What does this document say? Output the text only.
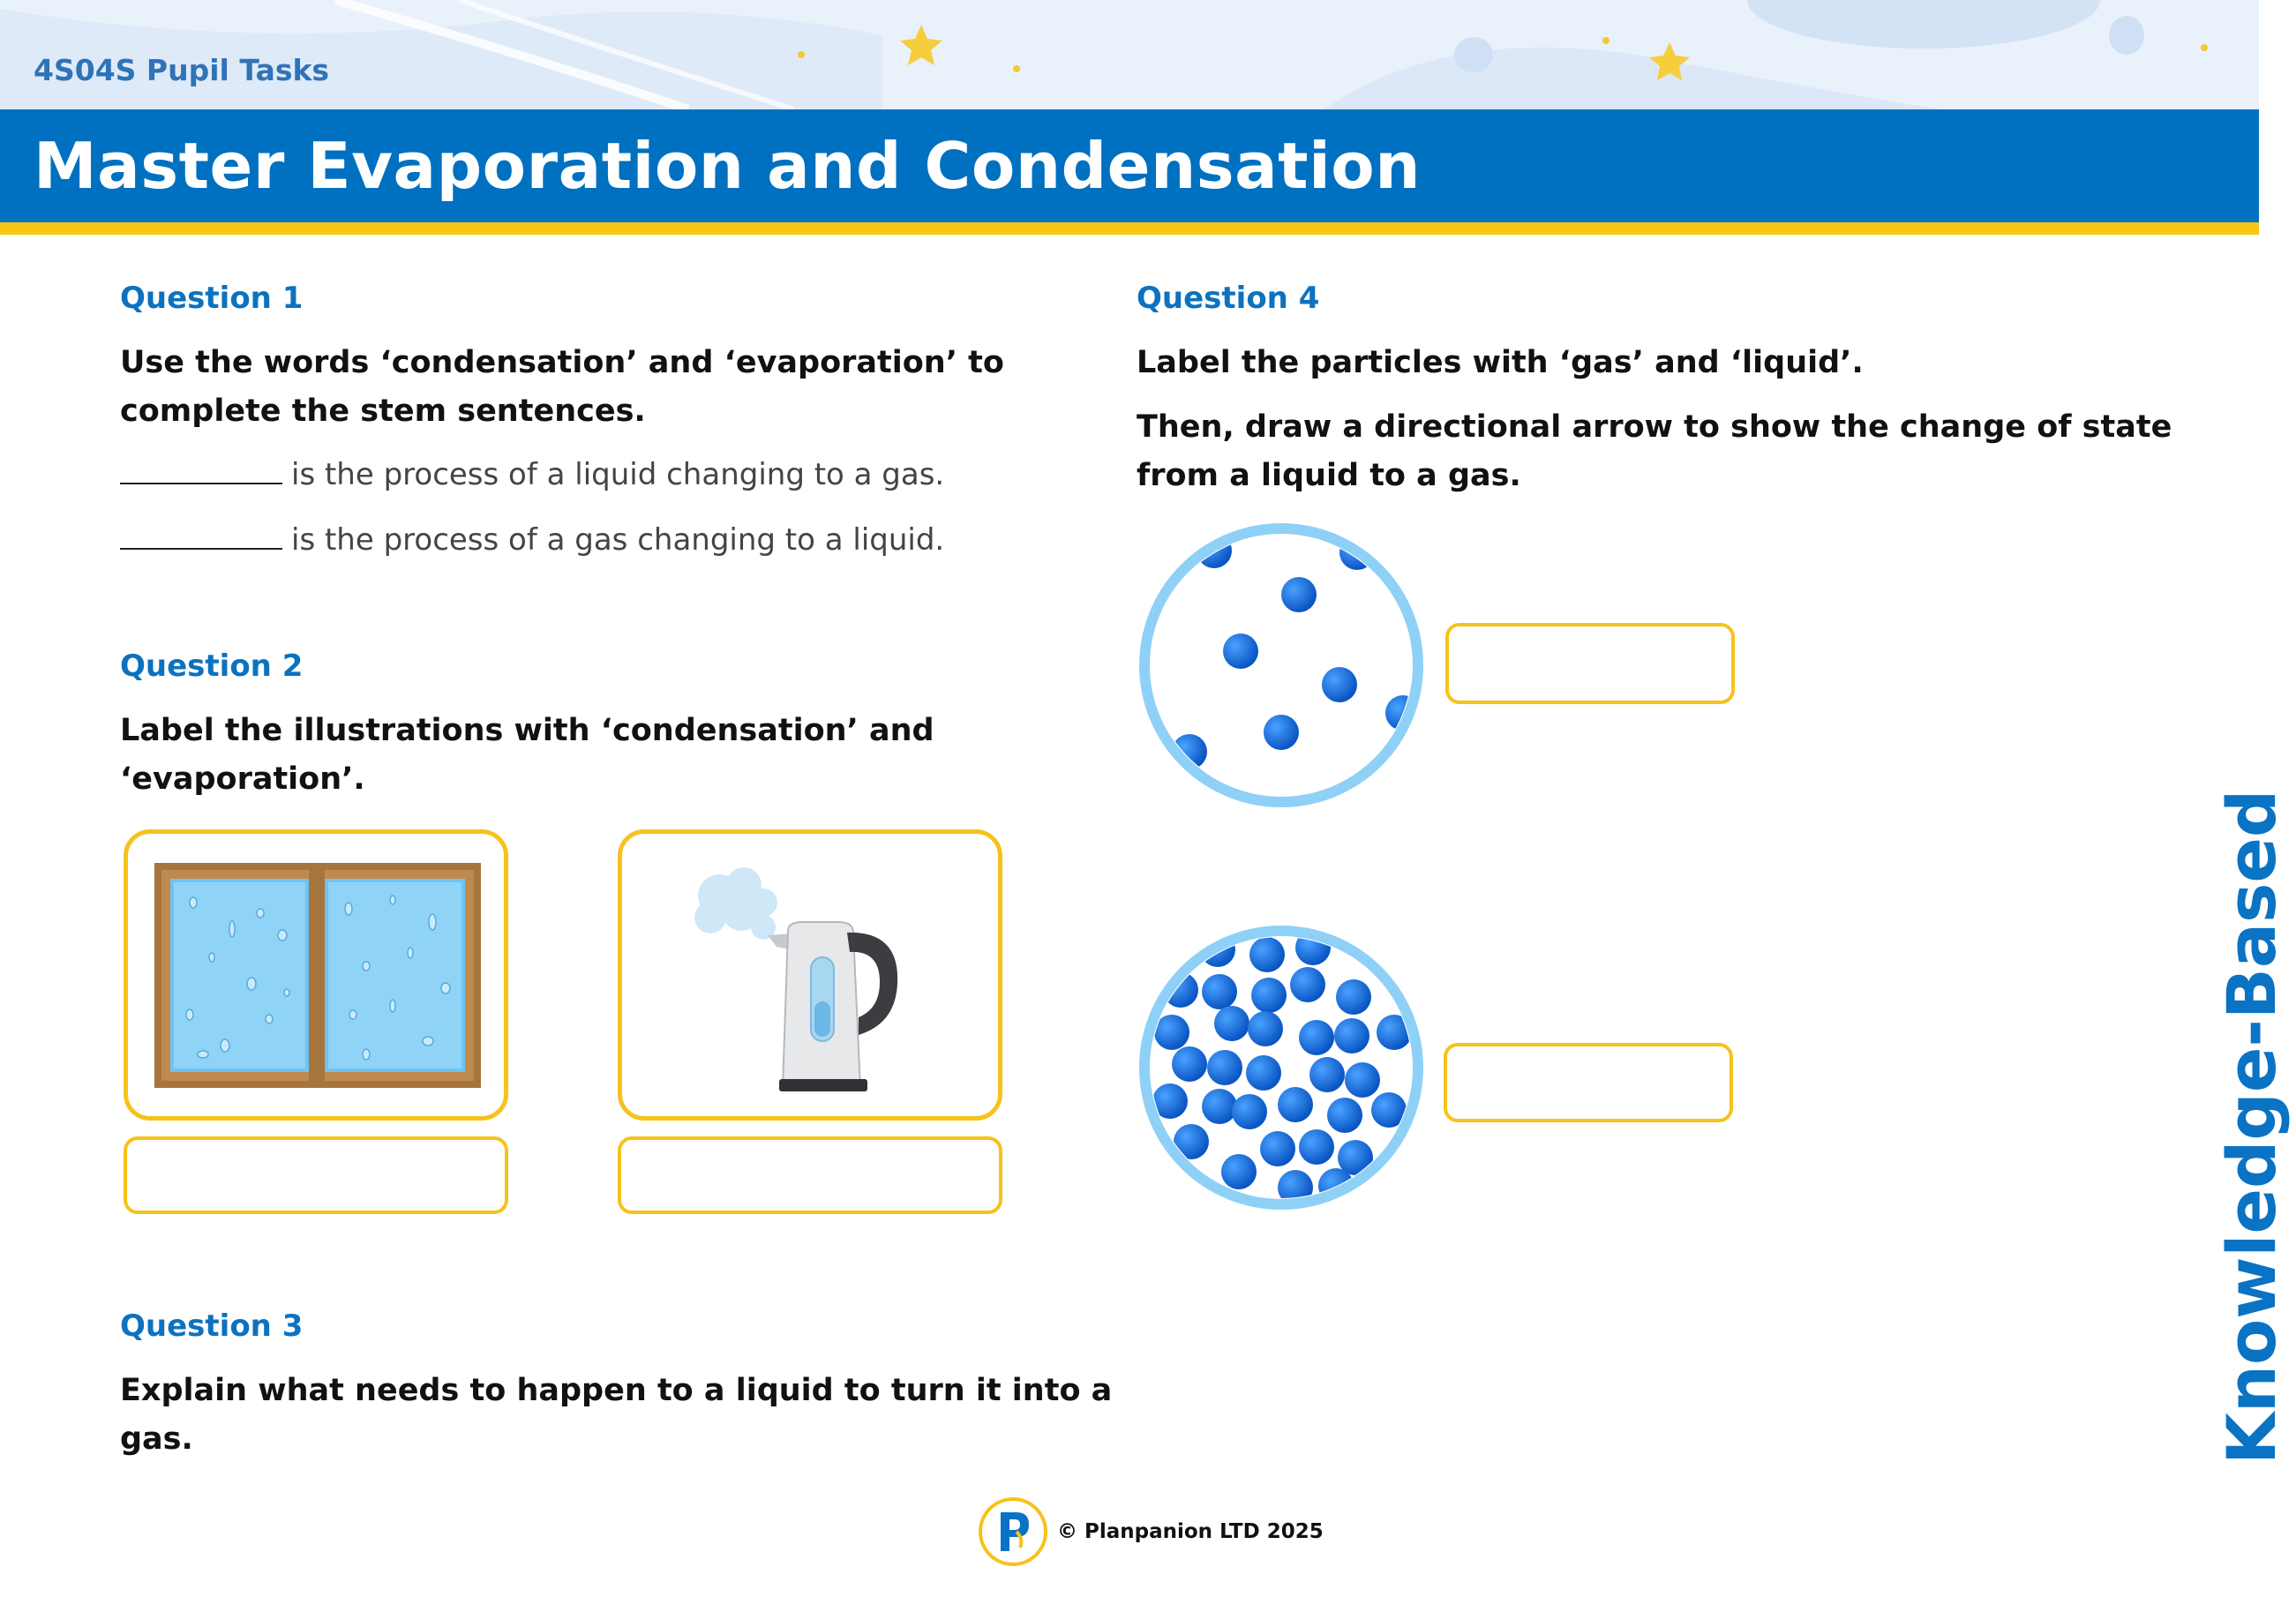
4S04S Pupil Tasks

Master Evaporation and Condensation

Question 1

Use the words ‘condensation’ and ‘evaporation’ to

complete the stem sentences.

is the process of a liquid changing to a gas.
is the process of a gas changing to a liquid.

Question 2

Label the illustrations with ‘condensation’ and

‘evaporation’.

Question 3

Explain what needs to happen to a liquid to turn it into a

gas.

Question 4

Label the particles with ‘gas’ and ‘liquid’.

Then, draw a directional arrow to show the change of state

from a liquid to a gas.

Knowledge-Based

© Planpanion LTD 2025
